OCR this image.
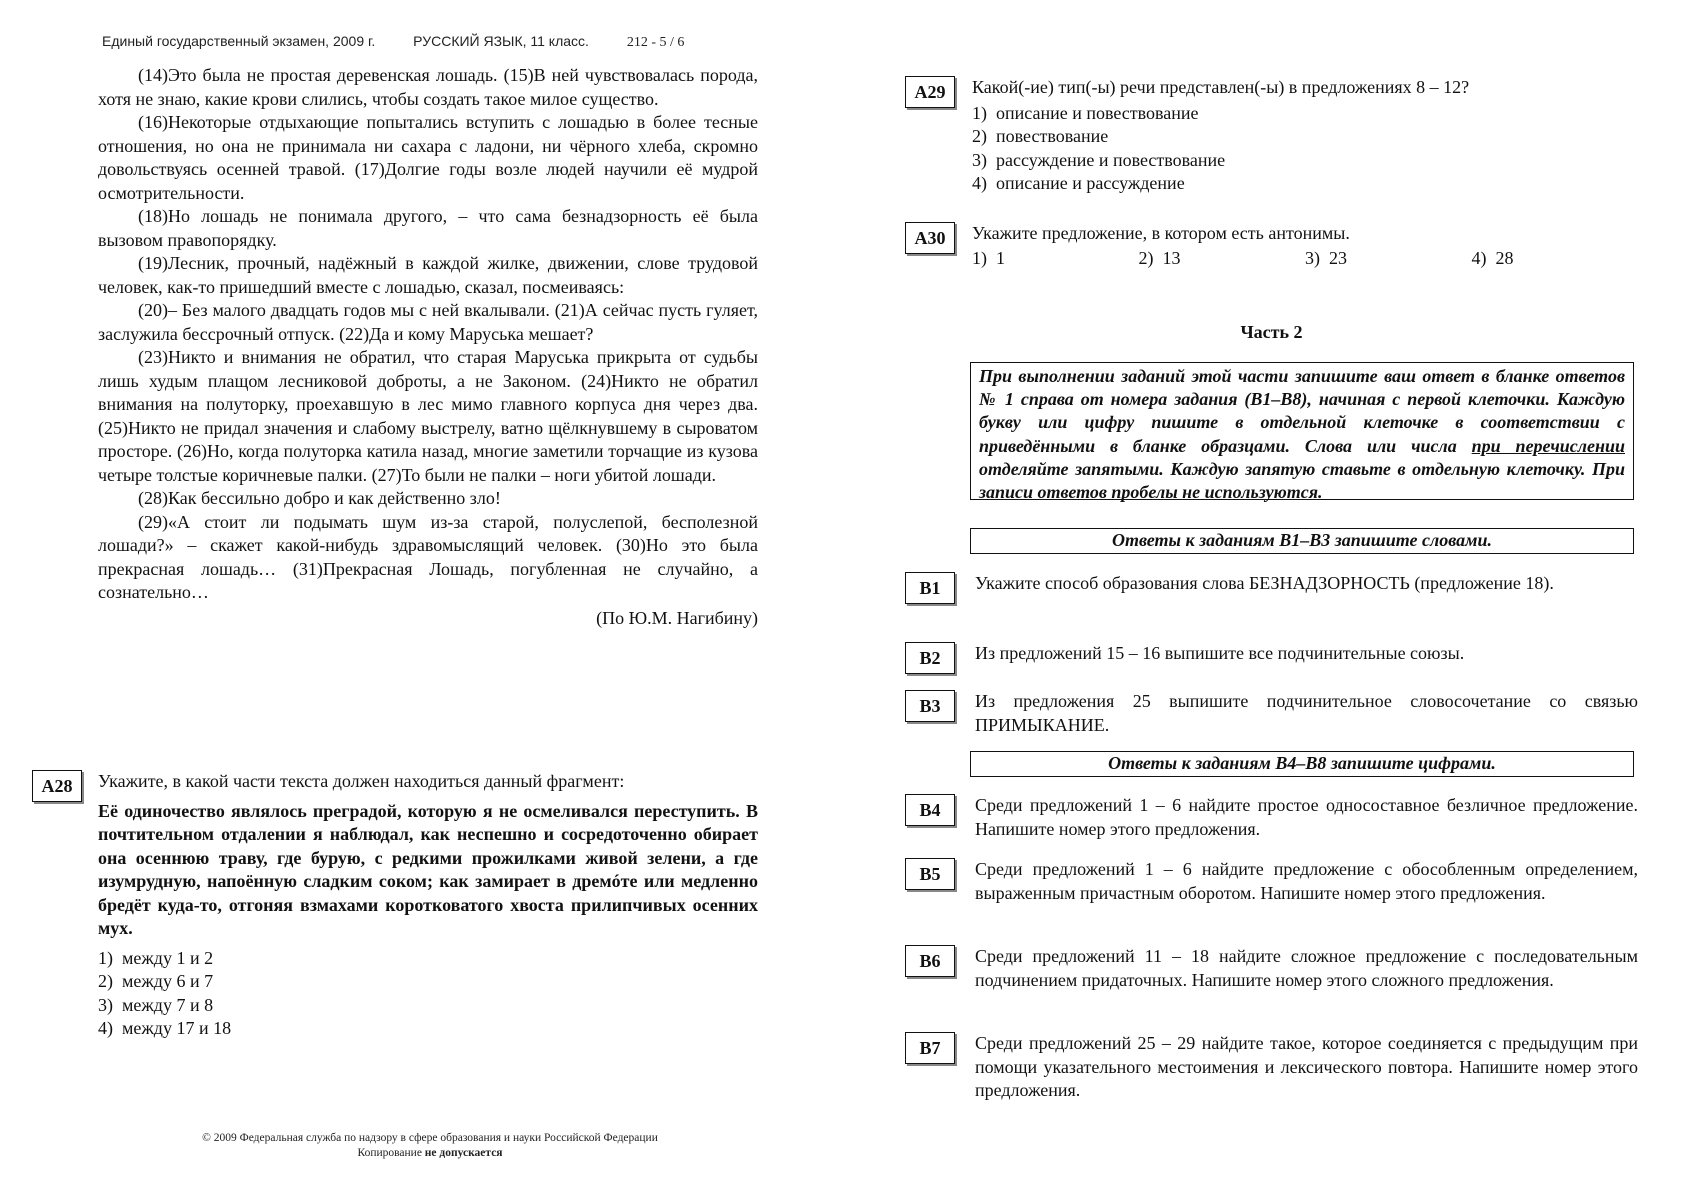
Единый государственный экзамен, 2009 г.	РУССКИЙ ЯЗЫК, 11 класс.	212 - 5 / 6

(14)Это была не простая деревенская лошадь. (15)В ней чувствовалась порода, хотя не знаю, какие крови слились, чтобы создать такое милое существо.

(16)Некоторые отдыхающие попытались вступить с лошадью в более тесные отношения, но она не принимала ни сахара с ладони, ни чёрного хлеба, скромно довольствуясь осенней травой. (17)Долгие годы возле людей научили её мудрой осмотрительности.

(18)Но лошадь не понимала другого, – что сама безнадзорность её была вызовом правопорядку.

(19)Лесник, прочный, надёжный в каждой жилке, движении, слове трудовой человек, как-то пришедший вместе с лошадью, сказал, посмеиваясь:

(20)– Без малого двадцать годов мы с ней вкалывали. (21)А сейчас пусть гуляет, заслужила бессрочный отпуск. (22)Да и кому Маруська мешает?

(23)Никто и внимания не обратил, что старая Маруська прикрыта от судьбы лишь худым плащом лесниковой доброты, а не Законом. (24)Никто не обратил внимания на полуторку, проехавшую в лес мимо главного корпуса дня через два. (25)Никто не придал значения и слабому выстрелу, ватно щёлкнувшему в сыроватом просторе. (26)Но, когда полуторка катила назад, многие заметили торчащие из кузова четыре толстые коричневые палки. (27)То были не палки – ноги убитой лошади.

(28)Как бессильно добро и как действенно зло!

(29)«А стоит ли подымать шум из-за старой, полуслепой, бесполезной лошади?» – скажет какой-нибудь здравомыслящий человек. (30)Но это была прекрасная лошадь… (31)Прекрасная Лошадь, погубленная не случайно, а сознательно…

(По Ю.М. Нагибину)

А28	Укажите, в какой части текста должен находиться данный фрагмент:
Её одиночество являлось преградой, которую я не осмеливался переступить. В почтительном отдалении я наблюдал, как неспешно и сосредоточенно обирает она осеннюю траву, где бурую, с редкими прожилками живой зелени, а где изумрудную, напоённую сладким соком; как замирает в дремóте или медленно бредёт куда-то, отгоняя взмахами коротковатого хвоста прилипчивых осенних мух.
1)  между 1 и 2
2)  между 6 и 7
3)  между 7 и 8
4)  между 17 и 18
© 2009 Федеральная служба по надзору в сфере образования и науки Российской Федерации
Копирование не допускается
А29	Какой(-ие) тип(-ы) речи представлен(-ы) в предложениях 8 – 12?
1)  описание и повествование
2)  повествование
3)  рассуждение и повествование
4)  описание и рассуждение
А30	Укажите предложение, в котором есть антонимы.
1)  1	2)  13	3)  23	4)  28
Часть 2

При выполнении заданий этой части запишите ваш ответ в бланке ответов № 1 справа от номера задания (В1–В8), начиная с первой клеточки. Каждую букву или цифру пишите в отдельной клеточке в соответствии с приведёнными в бланке образцами. Слова или числа при перечислении отделяйте запятыми. Каждую запятую ставьте в отдельную клеточку. При записи ответов пробелы не используются.

Ответы к заданиям В1–В3 запишите словами.
В1	Укажите способ образования слова БЕЗНАДЗОРНОСТЬ (предложение 18).
В2	Из предложений 15 – 16 выпишите все подчинительные союзы.
В3	Из предложения 25 выпишите подчинительное словосочетание со связью ПРИМЫКАНИЕ.
Ответы к заданиям В4–В8 запишите цифрами.
В4	Среди предложений 1 – 6 найдите простое односоставное безличное предложение. Напишите номер этого предложения.
В5	Среди предложений 1 – 6 найдите предложение с обособленным определением, выраженным причастным оборотом. Напишите номер этого предложения.
В6	Среди предложений 11 – 18 найдите сложное предложение с последовательным подчинением придаточных. Напишите номер этого сложного предложения.
В7	Среди предложений 25 – 29 найдите такое, которое соединяется с предыдущим при помощи указательного местоимения и лексического повтора. Напишите номер этого предложения.
